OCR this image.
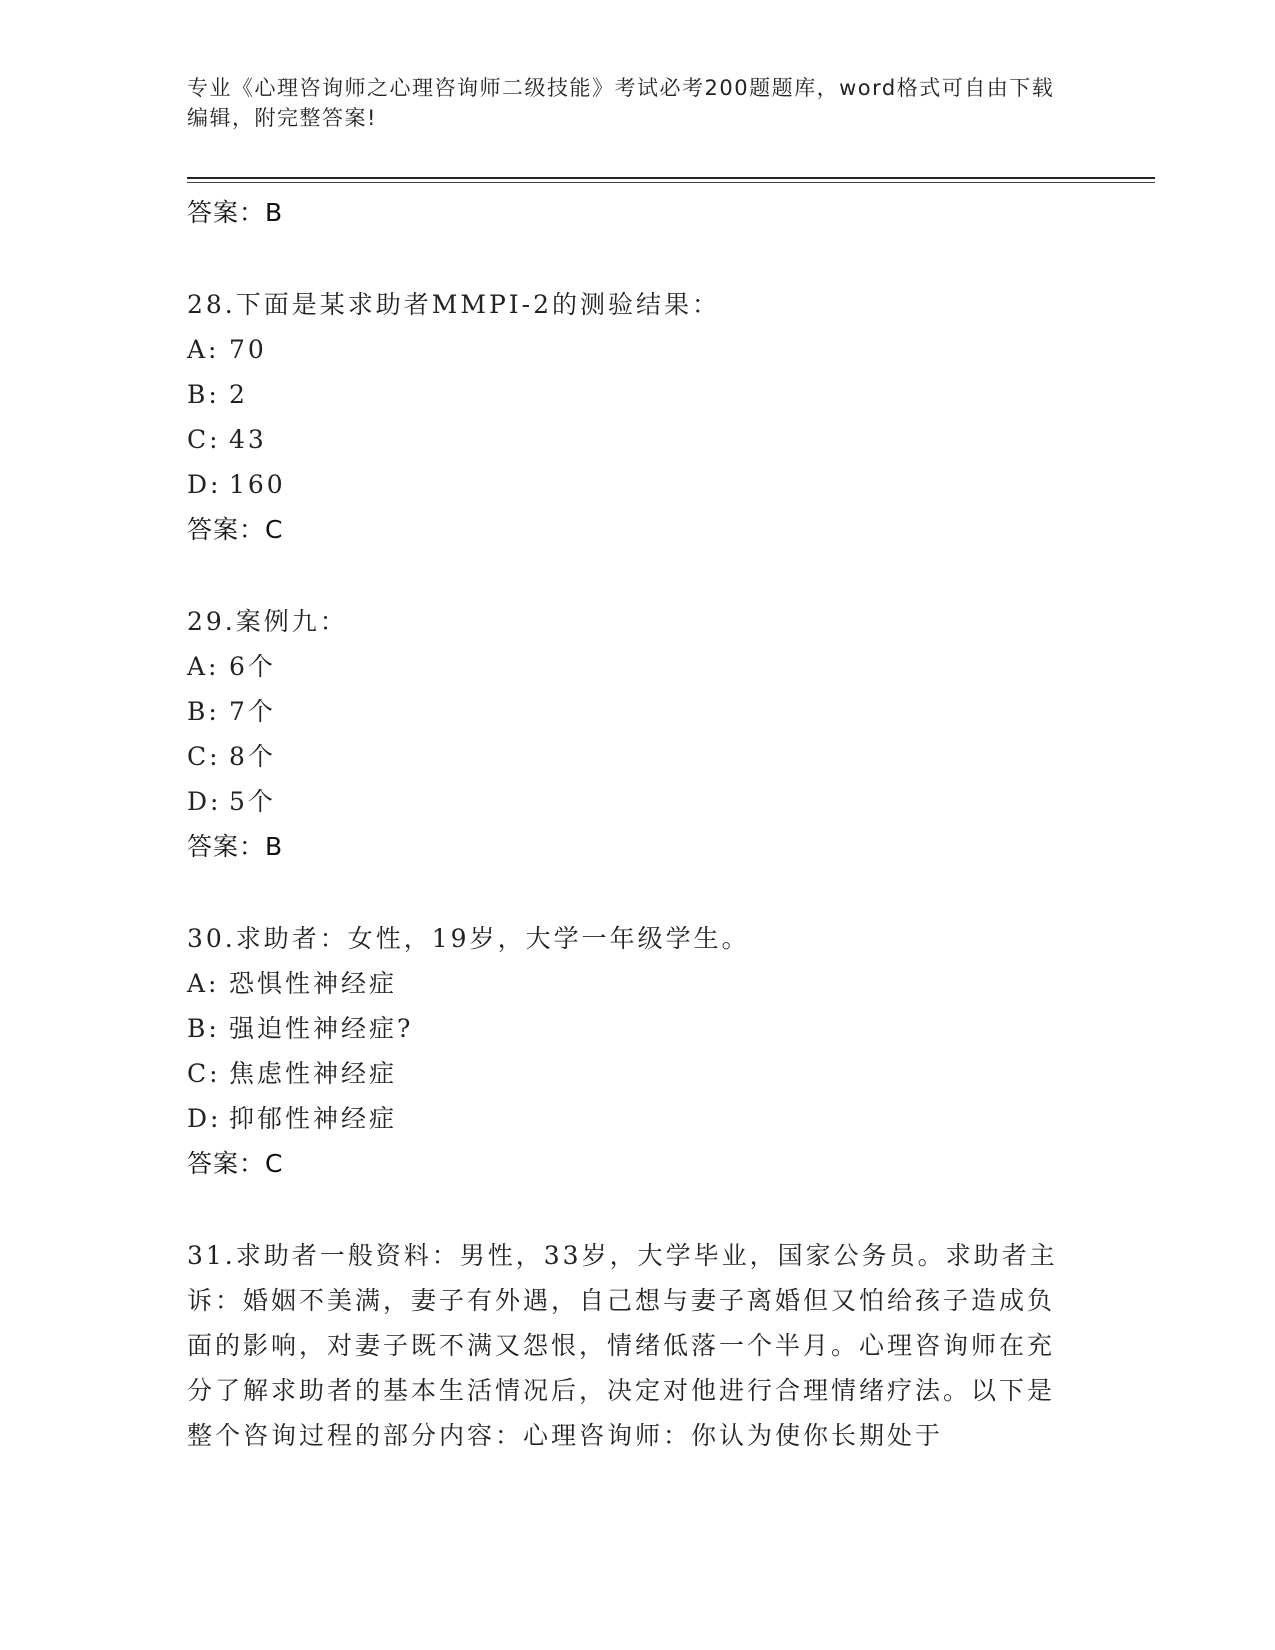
专业《心理咨询师之心理咨询师二级技能》考试必考200题题库，word格式可自由下载编辑，附完整答案!
答案：B
28.下面是某求助者MMPI-2的测验结果：
A: 70
B: 2
C: 43
D: 160
答案：C
29.案例九：
A: 6个
B: 7个
C: 8个
D: 5个
答案：B
30.求助者：女性，19岁，大学一年级学生。
A: 恐惧性神经症
B: 强迫性神经症?
C: 焦虑性神经症
D: 抑郁性神经症
答案：C
31.求助者一般资料：男性，33岁，大学毕业，国家公务员。求助者主诉：婚姻不美满，妻子有外遇，自己想与妻子离婚但又怕给孩子造成负面的影响，对妻子既不满又怨恨，情绪低落一个半月。心理咨询师在充分了解求助者的基本生活情况后，决定对他进行合理情绪疗法。以下是整个咨询过程的部分内容：心理咨询师：你认为使你长期处于
